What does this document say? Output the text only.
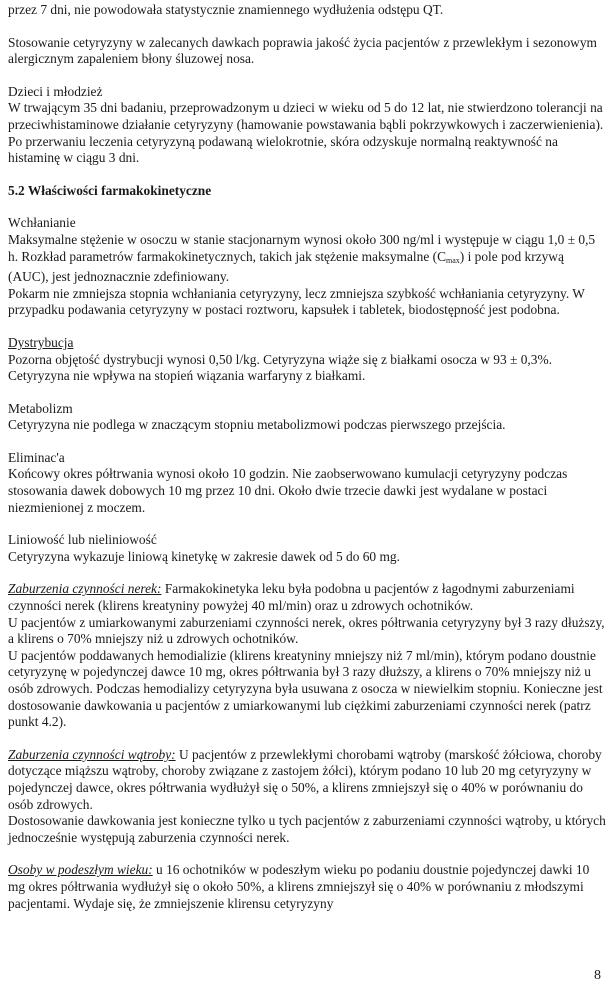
przez 7 dni, nie powodowała statystycznie znamiennego wydłużenia odstępu QT.

Stosowanie cetyryzyny w zalecanych dawkach poprawia jakość życia pacjentów z przewlekłym i sezonowym alergicznym zapaleniem błony śluzowej nosa.

Dzieci i młodzież

W trwającym 35 dni badaniu, przeprowadzonym u dzieci w wieku od 5 do 12 lat, nie stwierdzono tolerancji na przeciwhistaminowe działanie cetyryzyny (hamowanie powstawania bąbli pokrzywkowych i zaczerwienienia). Po przerwaniu leczenia cetyryzyną podawaną wielokrotnie, skóra odzyskuje normalną reaktywność na histaminę w ciągu 3 dni.

5.2 Właściwości farmakokinetyczne

Wchłanianie

Maksymalne stężenie w osoczu w stanie stacjonarnym wynosi około 300 ng/ml i występuje w ciągu 1,0 ± 0,5 h. Rozkład parametrów farmakokinetycznych, takich jak stężenie maksymalne $(C_{max})$ i pole pod krzywą (AUC), jest jednoznacznie zdefiniowany.

Pokarm nie zmniejsza stopnia wchłaniania cetyryzyny, lecz zmniejsza szybkość wchłaniania cetyryzyny. W przypadku podawania cetyryzyny w postaci roztworu, kapsułek i tabletek, biodostępność jest podobna.

Dystrybucja

Pozorna objętość dystrybucji wynosi 0,50 l/kg. Cetyryzyna wiąże się z białkami osocza w 93 ± 0,3%. Cetyryzyna nie wpływa na stopień wiązania warfaryny z białkami.

Metabolizm

Cetyryzyna nie podlega w znaczącym stopniu metabolizmowi podczas pierwszego przejścia.

Eliminac'a

Końcowy okres półtrwania wynosi około 10 godzin. Nie zaobserwowano kumulacji cetyryzyny podczas stosowania dawek dobowych 10 mg przez 10 dni. Około dwie trzecie dawki jest wydalane w postaci niezmienionej z moczem.

Liniowość lub nieliniowość

Cetyryzyna wykazuje liniową kinetykę w zakresie dawek od 5 do 60 mg.

Zaburzenia czynności nerek: Farmakokinetyka leku była podobna u pacjentów z łagodnymi zaburzeniami czynności nerek (klirens kreatyniny powyżej 40 ml/min) oraz u zdrowych ochotników.

U pacjentów z umiarkowanymi zaburzeniami czynności nerek, okres półtrwania cetyryzyny był 3 razy dłuższy, a klirens o 70% mniejszy niż u zdrowych ochotników.

U pacjentów poddawanych hemodializie (klirens kreatyniny mniejszy niż 7 ml/min), którym podano doustnie cetyryzynę w pojedynczej dawce 10 mg, okres półtrwania był 3 razy dłuższy, a klirens o 70% mniejszy niż u osób zdrowych. Podczas hemodializy cetyryzyna była usuwana z osocza w niewielkim stopniu. Konieczne jest dostosowanie dawkowania u pacjentów z umiarkowanymi lub ciężkimi zaburzeniami czynności nerek (patrz punkt 4.2).

Zaburzenia czynności wątroby: U pacjentów z przewlekłymi chorobami wątroby (marskość żółciowa, choroby dotyczące miąższu wątroby, choroby związane z zastojem żółci), którym podano 10 lub 20 mg cetyryzyny w pojedynczej dawce, okres półtrwania wydłużył się o 50%, a klirens zmniejszył się o 40% w porównaniu do osób zdrowych.

Dostosowanie dawkowania jest konieczne tylko u tych pacjentów z zaburzeniami czynności wątroby, u których jednocześnie występują zaburzenia czynności nerek.

Osoby w podeszłym wieku: u 16 ochotników w podeszłym wieku po podaniu doustnie pojedynczej dawki 10 mg okres półtrwania wydłużył się o około 50%, a klirens zmniejszył się o 40% w porównaniu z młodszymi pacjentami. Wydaje się, że zmniejszenie klirensu cetyryzyny

8
